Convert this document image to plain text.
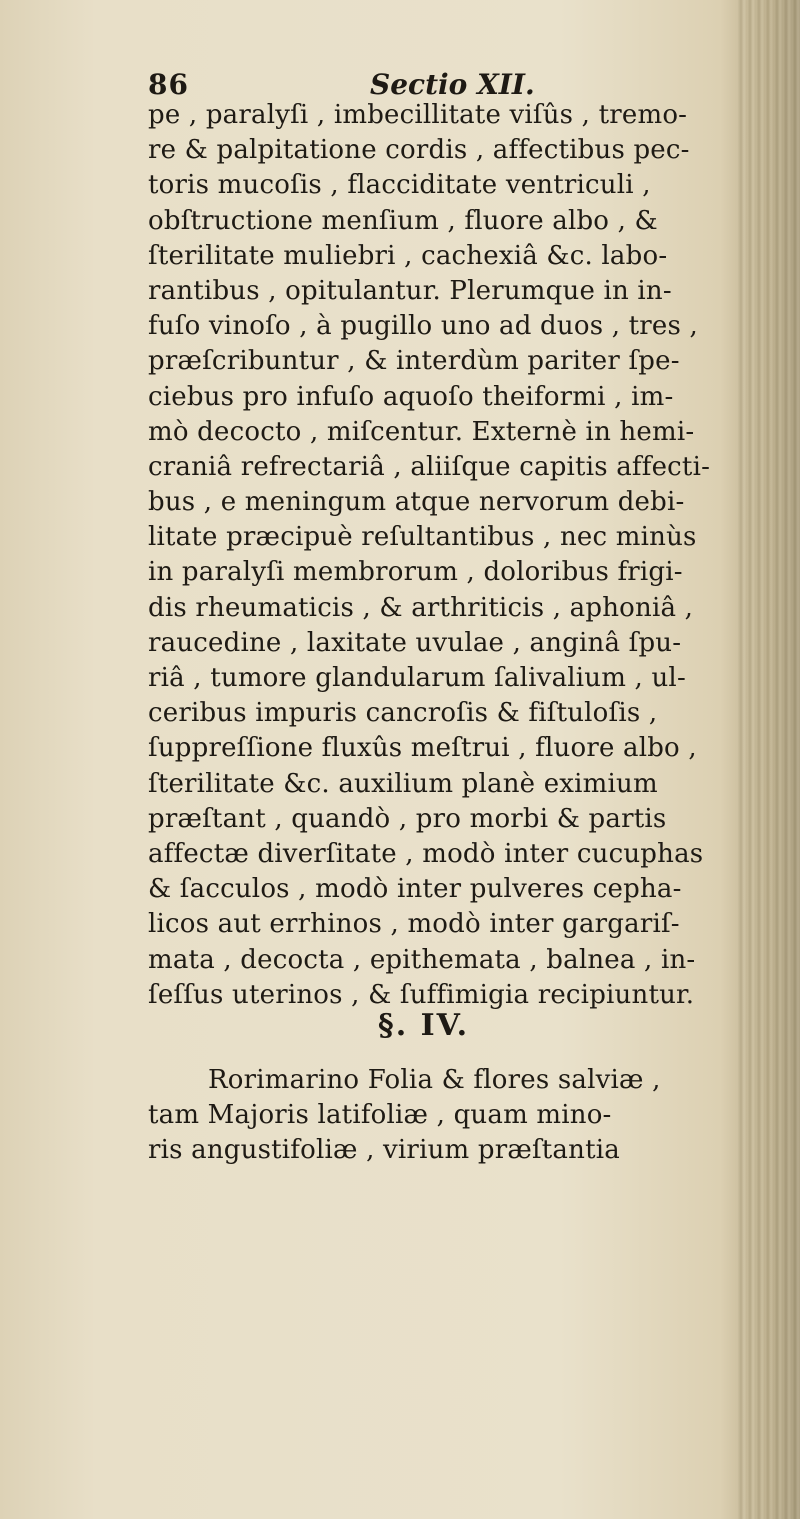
86	Sectio XII.
pe , paralyſi , imbecillitate viſûs , tremo-
re & palpitatione cordis , affectibus pec-
toris mucoſis , flacciditate ventriculi ,
obſtructione menſium , fluore albo , &
ſterilitate muliebri , cachexiâ &c. labo-
rantibus , opitulantur. Plerumque in in-
fuſo vinoſo , à pugillo uno ad duos , tres ,
præſcribuntur , & interdùm pariter ſpe-
ciebus pro infuſo aquoſo theiformi , im-
mò decocto , miſcentur. Externè in hemi-
craniâ refrectariâ , aliiſque capitis affecti-
bus , e meningum atque nervorum debi-
litate præcipuè reſultantibus , nec minùs
in paralyſi membrorum , doloribus frigi-
dis rheumaticis , & arthriticis , aphoniâ ,
raucedine , laxitate uvulae , anginâ ſpu-
riâ , tumore glandularum ſalivalium , ul-
ceribus impuris cancroſis & fiſtuloſis ,
ſuppreſſione fluxûs meſtrui , fluore albo ,
ſterilitate &c. auxilium planè eximium
præſtant , quandò , pro morbi & partis
affectæ diverſitate , modò inter cucuphas
& ſacculos , modò inter pulveres cepha-
licos aut errhinos , modò inter gargariſ-
mata , decocta , epithemata , balnea , in-
ſeſſus uterinos , & ſuffimigia recipiuntur.
§. IV.
Rorimarino Folia & flores salviæ ,
tam Majoris latifoliæ , quam mino-
ris angustifoliæ , virium præſtantia
